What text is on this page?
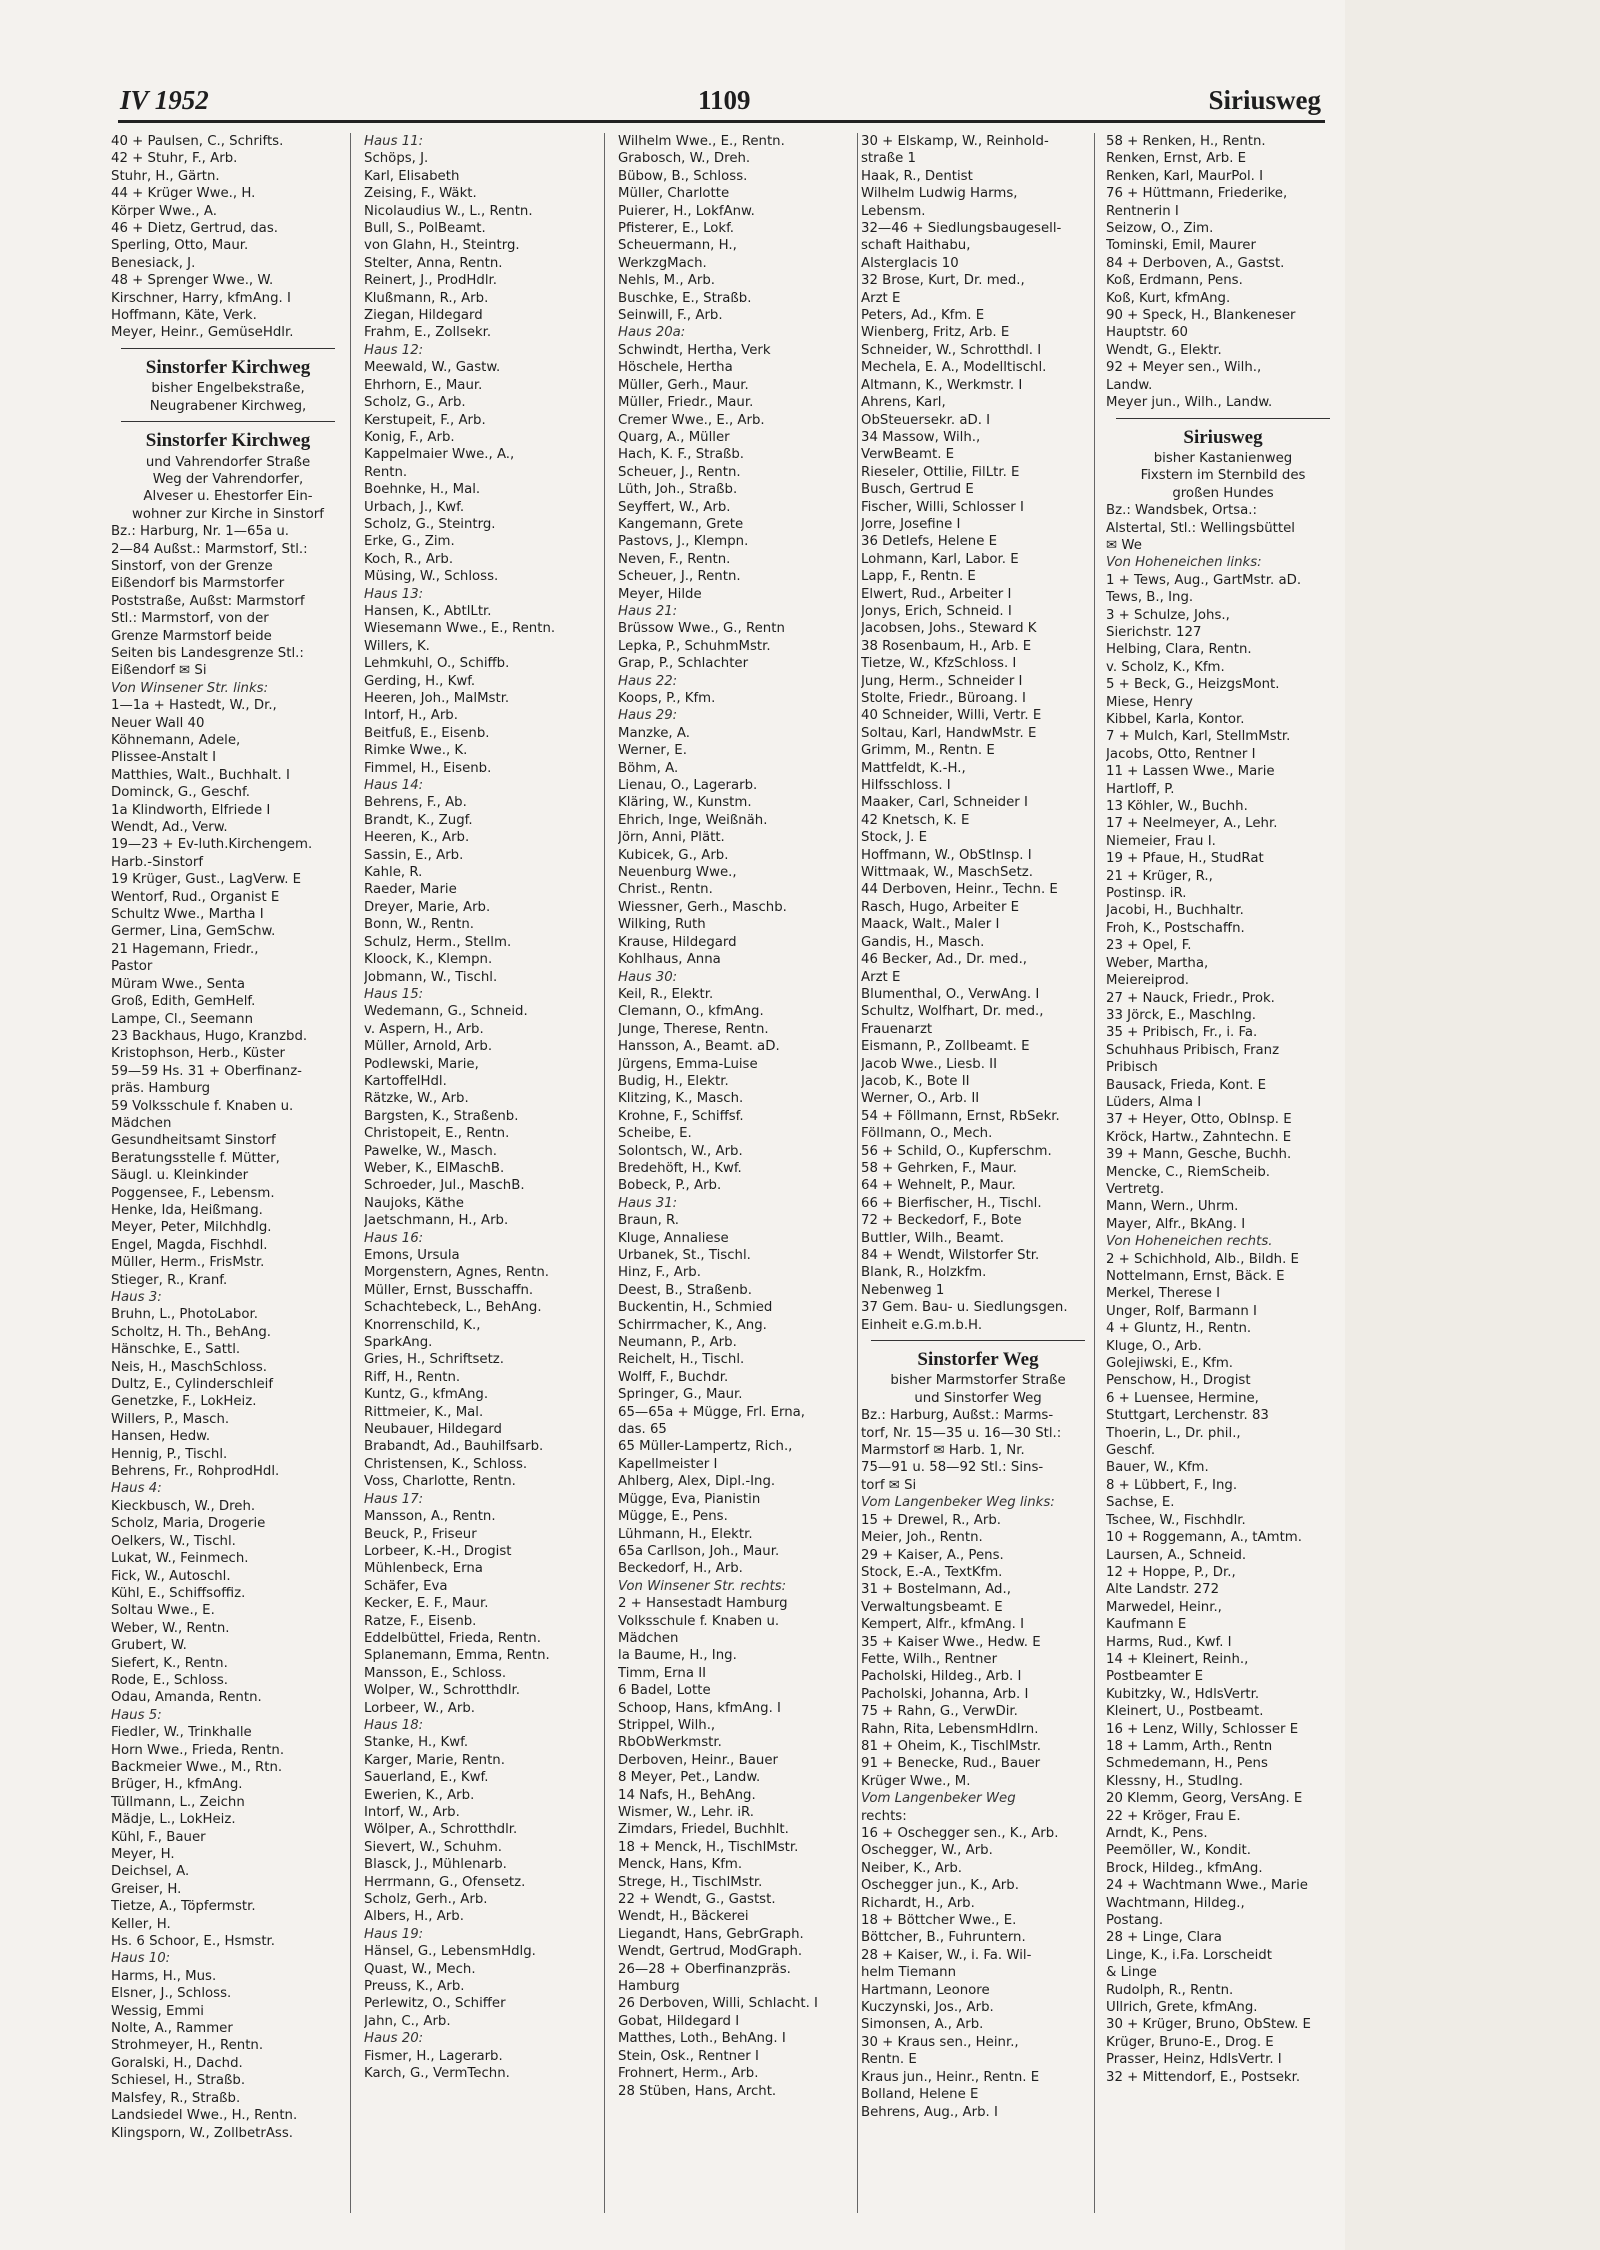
IV 1952	1109	Siriusweg
40 + Paulsen, C., Schrifts.
42 + Stuhr, F., Arb.
Stuhr, H., Gärtn.
44 + Krüger Wwe., H.
Körper Wwe., A.
46 + Dietz, Gertrud, das.
Sperling, Otto, Maur.
Benesiack, J.
48 + Sprenger Wwe., W.
Kirschner, Harry, kfmAng. I
Hoffmann, Käte, Verk.
Meyer, Heinr., GemüseHdlr.
Sinstorfer Kirchweg
bisher Engelbekstraße,
Neugrabener Kirchweg,
Sinstorfer Kirchweg
und Vahrendorfer Straße
Weg der Vahrendorfer,
Alveser u. Ehestorfer Ein-
wohner zur Kirche in Sinstorf
Bz.: Harburg, Nr. 1—65a u.
2—84 Außst.: Marmstorf, Stl.:
Sinstorf, von der Grenze
Eißendorf bis Marmstorfer
Poststraße, Außst: Marmstorf
Stl.: Marmstorf, von der
Grenze Marmstorf beide
Seiten bis Landesgrenze Stl.:
Eißendorf ✉ Si
Von Winsener Str. links:
1—1a + Hastedt, W., Dr.,
Neuer Wall 40
Köhnemann, Adele,
Plissee-Anstalt I
Matthies, Walt., Buchhalt. I
Dominck, G., Geschf.
1a Klindworth, Elfriede I
Wendt, Ad., Verw.
19—23 + Ev-luth.Kirchengem.
Harb.-Sinstorf
19 Krüger, Gust., LagVerw. E
Wentorf, Rud., Organist E
Schultz Wwe., Martha I
Germer, Lina, GemSchw.
21 Hagemann, Friedr.,
Pastor
Müram Wwe., Senta
Groß, Edith, GemHelf.
Lampe, Cl., Seemann
23 Backhaus, Hugo, Kranzbd.
Kristophson, Herb., Küster
59—59 Hs. 31 + Oberfinanz-
präs. Hamburg
59 Volksschule f. Knaben u.
Mädchen
Gesundheitsamt Sinstorf
Beratungsstelle f. Mütter,
Säugl. u. Kleinkinder
Poggensee, F., Lebensm.
Henke, Ida, Heißmang.
Meyer, Peter, Milchhdlg.
Engel, Magda, Fischhdl.
Müller, Herm., FrisMstr.
Stieger, R., Kranf.
Haus 3:
Bruhn, L., PhotoLabor.
Scholtz, H. Th., BehAng.
Hänschke, E., Sattl.
Neis, H., MaschSchloss.
Dultz, E., Cylinderschleif
Genetzke, F., LokHeiz.
Willers, P., Masch.
Hansen, Hedw.
Hennig, P., Tischl.
Behrens, Fr., RohprodHdl.
Haus 4:
Kieckbusch, W., Dreh.
Scholz, Maria, Drogerie
Oelkers, W., Tischl.
Lukat, W., Feinmech.
Fick, W., Autoschl.
Kühl, E., Schiffsoffiz.
Soltau Wwe., E.
Weber, W., Rentn.
Grubert, W.
Siefert, K., Rentn.
Rode, E., Schloss.
Odau, Amanda, Rentn.
Haus 5:
Fiedler, W., Trinkhalle
Horn Wwe., Frieda, Rentn.
Backmeier Wwe., M., Rtn.
Brüger, H., kfmAng.
Tüllmann, L., Zeichn
Mädje, L., LokHeiz.
Kühl, F., Bauer
Meyer, H.
Deichsel, A.
Greiser, H.
Tietze, A., Töpfermstr.
Keller, H.
Hs. 6 Schoor, E., Hsmstr.
Haus 10:
Harms, H., Mus.
Elsner, J., Schloss.
Wessig, Emmi
Nolte, A., Rammer
Strohmeyer, H., Rentn.
Goralski, H., Dachd.
Schiesel, H., Straßb.
Malsfey, R., Straßb.
Landsiedel Wwe., H., Rentn.
Klingsporn, W., ZollbetrAss.
Haus 11:
Schöps, J.
Karl, Elisabeth
Zeising, F., Wäkt.
Nicolaudius W., L., Rentn.
Bull, S., PolBeamt.
von Glahn, H., Steintrg.
Stelter, Anna, Rentn.
Reinert, J., ProdHdlr.
Klußmann, R., Arb.
Ziegan, Hildegard
Frahm, E., Zollsekr.
Haus 12:
Meewald, W., Gastw.
Ehrhorn, E., Maur.
Scholz, G., Arb.
Kerstupeit, F., Arb.
Konig, F., Arb.
Kappelmaier Wwe., A.,
Rentn.
Boehnke, H., Mal.
Urbach, J., Kwf.
Scholz, G., Steintrg.
Erke, G., Zim.
Koch, R., Arb.
Müsing, W., Schloss.
Haus 13:
Hansen, K., AbtlLtr.
Wiesemann Wwe., E., Rentn.
Willers, K.
Lehmkuhl, O., Schiffb.
Gerding, H., Kwf.
Heeren, Joh., MalMstr.
Intorf, H., Arb.
Beitfuß, E., Eisenb.
Rimke Wwe., K.
Fimmel, H., Eisenb.
Haus 14:
Behrens, F., Ab.
Brandt, K., Zugf.
Heeren, K., Arb.
Sassin, E., Arb.
Kahle, R.
Raeder, Marie
Dreyer, Marie, Arb.
Bonn, W., Rentn.
Schulz, Herm., Stellm.
Kloock, K., Klempn.
Jobmann, W., Tischl.
Haus 15:
Wedemann, G., Schneid.
v. Aspern, H., Arb.
Müller, Arnold, Arb.
Podlewski, Marie,
KartoffelHdl.
Rätzke, W., Arb.
Bargsten, K., Straßenb.
Christopeit, E., Rentn.
Pawelke, W., Masch.
Weber, K., ElMaschB.
Schroeder, Jul., MaschB.
Naujoks, Käthe
Jaetschmann, H., Arb.
Haus 16:
Emons, Ursula
Morgenstern, Agnes, Rentn.
Müller, Ernst, Busschaffn.
Schachtebeck, L., BehAng.
Knorrenschild, K.,
SparkAng.
Gries, H., Schriftsetz.
Riff, H., Rentn.
Kuntz, G., kfmAng.
Rittmeier, K., Mal.
Neubauer, Hildegard
Brabandt, Ad., Bauhilfsarb.
Christensen, K., Schloss.
Voss, Charlotte, Rentn.
Haus 17:
Mansson, A., Rentn.
Beuck, P., Friseur
Lorbeer, K.-H., Drogist
Mühlenbeck, Erna
Schäfer, Eva
Kecker, E. F., Maur.
Ratze, F., Eisenb.
Eddelbüttel, Frieda, Rentn.
Splanemann, Emma, Rentn.
Mansson, E., Schloss.
Wolper, W., Schrotthdlr.
Lorbeer, W., Arb.
Haus 18:
Stanke, H., Kwf.
Karger, Marie, Rentn.
Sauerland, E., Kwf.
Ewerien, K., Arb.
Intorf, W., Arb.
Wölper, A., Schrotthdlr.
Sievert, W., Schuhm.
Blasck, J., Mühlenarb.
Herrmann, G., Ofensetz.
Scholz, Gerh., Arb.
Albers, H., Arb.
Haus 19:
Hänsel, G., LebensmHdlg.
Quast, W., Mech.
Preuss, K., Arb.
Perlewitz, O., Schiffer
Jahn, C., Arb.
Haus 20:
Fismer, H., Lagerarb.
Karch, G., VermTechn.
Wilhelm Wwe., E., Rentn.
Grabosch, W., Dreh.
Bübow, B., Schloss.
Müller, Charlotte
Puierer, H., LokfAnw.
Pfisterer, E., Lokf.
Scheuermann, H.,
WerkzgMach.
Nehls, M., Arb.
Buschke, E., Straßb.
Seinwill, F., Arb.
Haus 20a:
Schwindt, Hertha, Verk
Höschele, Hertha
Müller, Gerh., Maur.
Müller, Friedr., Maur.
Cremer Wwe., E., Arb.
Quarg, A., Müller
Hach, K. F., Straßb.
Scheuer, J., Rentn.
Lüth, Joh., Straßb.
Seyffert, W., Arb.
Kangemann, Grete
Pastovs, J., Klempn.
Neven, F., Rentn.
Scheuer, J., Rentn.
Meyer, Hilde
Haus 21:
Brüssow Wwe., G., Rentn
Lepka, P., SchuhmMstr.
Grap, P., Schlachter
Haus 22:
Koops, P., Kfm.
Haus 29:
Manzke, A.
Werner, E.
Böhm, A.
Lienau, O., Lagerarb.
Kläring, W., Kunstm.
Ehrich, Inge, Weißnäh.
Jörn, Anni, Plätt.
Kubicek, G., Arb.
Neuenburg Wwe.,
Christ., Rentn.
Wiessner, Gerh., Maschb.
Wilking, Ruth
Krause, Hildegard
Kohlhaus, Anna
Haus 30:
Keil, R., Elektr.
Clemann, O., kfmAng.
Junge, Therese, Rentn.
Hansson, A., Beamt. aD.
Jürgens, Emma-Luise
Budig, H., Elektr.
Klitzing, K., Masch.
Krohne, F., Schiffsf.
Scheibe, E.
Solontsch, W., Arb.
Bredehöft, H., Kwf.
Bobeck, P., Arb.
Haus 31:
Braun, R.
Kluge, Annaliese
Urbanek, St., Tischl.
Hinz, F., Arb.
Deest, B., Straßenb.
Buckentin, H., Schmied
Schirrmacher, K., Ang.
Neumann, P., Arb.
Reichelt, H., Tischl.
Wolff, F., Buchdr.
Springer, G., Maur.
65—65a + Mügge, Frl. Erna,
das. 65
65 Müller-Lampertz, Rich.,
Kapellmeister I
Ahlberg, Alex, Dipl.-Ing.
Mügge, Eva, Pianistin
Mügge, E., Pens.
Lühmann, H., Elektr.
65a Carllson, Joh., Maur.
Beckedorf, H., Arb.
Von Winsener Str. rechts:
2 + Hansestadt Hamburg
Volksschule f. Knaben u.
Mädchen
la Baume, H., Ing.
Timm, Erna II
6 Badel, Lotte
Schoop, Hans, kfmAng. I
Strippel, Wilh.,
RbObWerkmstr.
Derboven, Heinr., Bauer
8 Meyer, Pet., Landw.
14 Nafs, H., BehAng.
Wismer, W., Lehr. iR.
Zimdars, Friedel, Buchhlt.
18 + Menck, H., TischlMstr.
Menck, Hans, Kfm.
Strege, H., TischlMstr.
22 + Wendt, G., Gastst.
Wendt, H., Bäckerei
Liegandt, Hans, GebrGraph.
Wendt, Gertrud, ModGraph.
26—28 + Oberfinanzpräs.
Hamburg
26 Derboven, Willi, Schlacht. I
Gobat, Hildegard I
Matthes, Loth., BehAng. I
Stein, Osk., Rentner I
Frohnert, Herm., Arb.
28 Stüben, Hans, Archt.
30 + Elskamp, W., Reinhold-
straße 1
Haak, R., Dentist
Wilhelm Ludwig Harms,
Lebensm.
32—46 + Siedlungsbaugesell-
schaft Haithabu,
Alsterglacis 10
32 Brose, Kurt, Dr. med.,
Arzt E
Peters, Ad., Kfm. E
Wienberg, Fritz, Arb. E
Schneider, W., Schrotthdl. I
Mechela, E. A., Modelltischl.
Altmann, K., Werkmstr. I
Ahrens, Karl,
ObSteuersekr. aD. I
34 Massow, Wilh.,
VerwBeamt. E
Rieseler, Ottilie, FilLtr. E
Busch, Gertrud E
Fischer, Willi, Schlosser I
Jorre, Josefine I
36 Detlefs, Helene E
Lohmann, Karl, Labor. E
Lapp, F., Rentn. E
Elwert, Rud., Arbeiter I
Jonys, Erich, Schneid. I
Jacobsen, Johs., Steward K
38 Rosenbaum, H., Arb. E
Tietze, W., KfzSchloss. I
Jung, Herm., Schneider I
Stolte, Friedr., Büroang. I
40 Schneider, Willi, Vertr. E
Soltau, Karl, HandwMstr. E
Grimm, M., Rentn. E
Mattfeldt, K.-H.,
Hilfsschloss. I
Maaker, Carl, Schneider I
42 Knetsch, K. E
Stock, J. E
Hoffmann, W., ObStInsp. I
Wittmaak, W., MaschSetz.
44 Derboven, Heinr., Techn. E
Rasch, Hugo, Arbeiter E
Maack, Walt., Maler I
Gandis, H., Masch.
46 Becker, Ad., Dr. med.,
Arzt E
Blumenthal, O., VerwAng. I
Schultz, Wolfhart, Dr. med.,
Frauenarzt
Eismann, P., Zollbeamt. E
Jacob Wwe., Liesb. II
Jacob, K., Bote II
Werner, O., Arb. II
54 + Föllmann, Ernst, RbSekr.
Föllmann, O., Mech.
56 + Schild, O., Kupferschm.
58 + Gehrken, F., Maur.
64 + Wehnelt, P., Maur.
66 + Bierfischer, H., Tischl.
72 + Beckedorf, F., Bote
Buttler, Wilh., Beamt.
84 + Wendt, Wilstorfer Str.
Blank, R., Holzkfm.
Nebenweg 1
37 Gem. Bau- u. Siedlungsgen.
Einheit e.G.m.b.H.
Sinstorfer Weg
bisher Marmstorfer Straße
und Sinstorfer Weg
Bz.: Harburg, Außst.: Marms-
torf, Nr. 15—35 u. 16—30 Stl.:
Marmstorf ✉ Harb. 1, Nr.
75—91 u. 58—92 Stl.: Sins-
torf ✉ Si
Vom Langenbeker Weg links:
15 + Drewel, R., Arb.
Meier, Joh., Rentn.
29 + Kaiser, A., Pens.
Stock, E.-A., TextKfm.
31 + Bostelmann, Ad.,
Verwaltungsbeamt. E
Kempert, Alfr., kfmAng. I
35 + Kaiser Wwe., Hedw. E
Fette, Wilh., Rentner
Pacholski, Hildeg., Arb. I
Pacholski, Johanna, Arb. I
75 + Rahn, G., VerwDir.
Rahn, Rita, LebensmHdlrn.
81 + Oheim, K., TischlMstr.
91 + Benecke, Rud., Bauer
Krüger Wwe., M.
Vom Langenbeker Weg
rechts:
16 + Oschegger sen., K., Arb.
Oschegger, W., Arb.
Neiber, K., Arb.
Oschegger jun., K., Arb.
Richardt, H., Arb.
18 + Böttcher Wwe., E.
Böttcher, B., Fuhruntern.
28 + Kaiser, W., i. Fa. Wil-
helm Tiemann
Hartmann, Leonore
Kuczynski, Jos., Arb.
Simonsen, A., Arb.
30 + Kraus sen., Heinr.,
Rentn. E
Kraus jun., Heinr., Rentn. E
Bolland, Helene E
Behrens, Aug., Arb. I
58 + Renken, H., Rentn.
Renken, Ernst, Arb. E
Renken, Karl, MaurPol. I
76 + Hüttmann, Friederike,
Rentnerin I
Seizow, O., Zim.
Tominski, Emil, Maurer
84 + Derboven, A., Gastst.
Koß, Erdmann, Pens.
Koß, Kurt, kfmAng.
90 + Speck, H., Blankeneser
Hauptstr. 60
Wendt, G., Elektr.
92 + Meyer sen., Wilh.,
Landw.
Meyer jun., Wilh., Landw.
Siriusweg
bisher Kastanienweg
Fixstern im Sternbild des
großen Hundes
Bz.: Wandsbek, Ortsa.:
Alstertal, Stl.: Wellingsbüttel
✉ We
Von Hoheneichen links:
1 + Tews, Aug., GartMstr. aD.
Tews, B., Ing.
3 + Schulze, Johs.,
Sierichstr. 127
Helbing, Clara, Rentn.
v. Scholz, K., Kfm.
5 + Beck, G., HeizgsMont.
Miese, Henry
Kibbel, Karla, Kontor.
7 + Mulch, Karl, StellmMstr.
Jacobs, Otto, Rentner I
11 + Lassen Wwe., Marie
Hartloff, P.
13 Köhler, W., Buchh.
17 + Neelmeyer, A., Lehr.
Niemeier, Frau I.
19 + Pfaue, H., StudRat
21 + Krüger, R.,
Postinsp. iR.
Jacobi, H., Buchhaltr.
Froh, K., Postschaffn.
23 + Opel, F.
Weber, Martha,
Meiereiprod.
27 + Nauck, Friedr., Prok.
33 Jörck, E., Maschlng.
35 + Pribisch, Fr., i. Fa.
Schuhhaus Pribisch, Franz
Pribisch
Bausack, Frieda, Kont. E
Lüders, Alma I
37 + Heyer, Otto, ObInsp. E
Kröck, Hartw., Zahntechn. E
39 + Mann, Gesche, Buchh.
Mencke, C., RiemScheib.
Vertretg.
Mann, Wern., Uhrm.
Mayer, Alfr., BkAng. I
Von Hoheneichen rechts.
2 + Schichhold, Alb., Bildh. E
Nottelmann, Ernst, Bäck. E
Merkel, Therese I
Unger, Rolf, Barmann I
4 + Gluntz, H., Rentn.
Kluge, O., Arb.
Golejiwski, E., Kfm.
Penschow, H., Drogist
6 + Luensee, Hermine,
Stuttgart, Lerchenstr. 83
Thoerin, L., Dr. phil.,
Geschf.
Bauer, W., Kfm.
8 + Lübbert, F., Ing.
Sachse, E.
Tschee, W., Fischhdlr.
10 + Roggemann, A., tAmtm.
Laursen, A., Schneid.
12 + Hoppe, P., Dr.,
Alte Landstr. 272
Marwedel, Heinr.,
Kaufmann E
Harms, Rud., Kwf. I
14 + Kleinert, Reinh.,
Postbeamter E
Kubitzky, W., HdlsVertr.
Kleinert, U., Postbeamt.
16 + Lenz, Willy, Schlosser E
18 + Lamm, Arth., Rentn
Schmedemann, H., Pens
Klessny, H., Studlng.
20 Klemm, Georg, VersAng. E
22 + Kröger, Frau E.
Arndt, K., Pens.
Peemöller, W., Kondit.
Brock, Hildeg., kfmAng.
24 + Wachtmann Wwe., Marie
Wachtmann, Hildeg.,
Postang.
28 + Linge, Clara
Linge, K., i.Fa. Lorscheidt
& Linge
Rudolph, R., Rentn.
Ullrich, Grete, kfmAng.
30 + Krüger, Bruno, ObStew. E
Krüger, Bruno-E., Drog. E
Prasser, Heinz, HdlsVertr. I
32 + Mittendorf, E., Postsekr.
